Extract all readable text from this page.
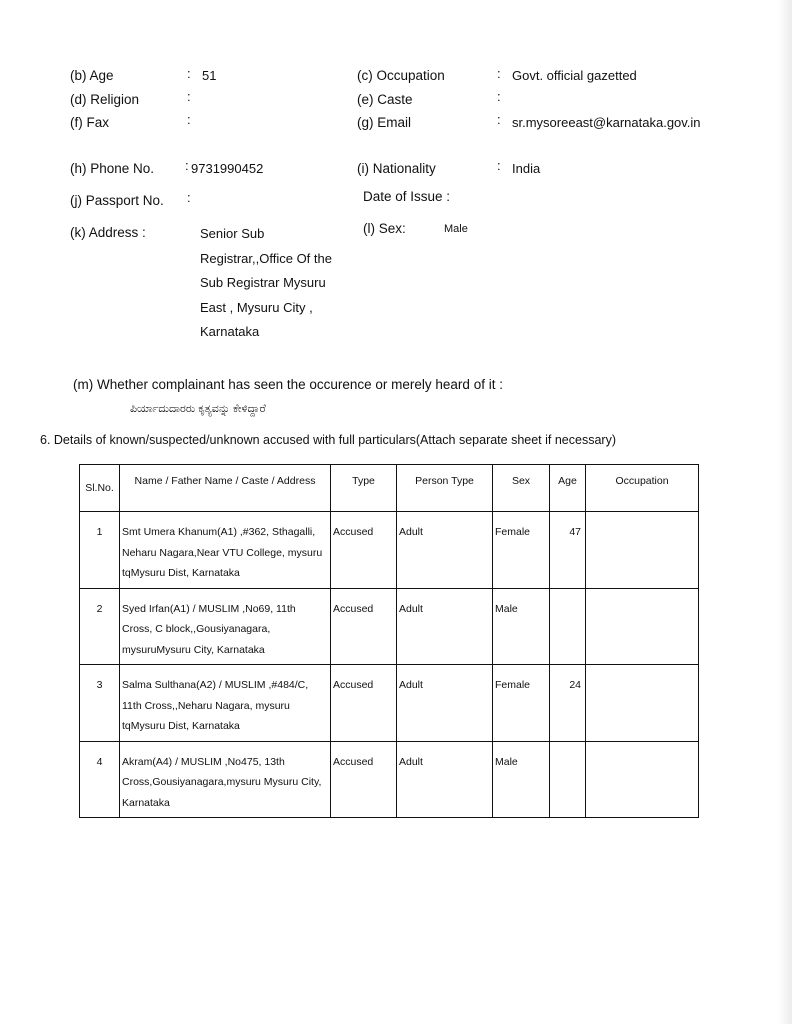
(b) Age	: 51	(c) Occupation	: Govt. official gazetted
(d) Religion	:	(e) Caste	:
(f) Fax	:	(g) Email	: sr.mysoreeast@karnataka.gov.in
(h) Phone No. : 9731990452	(i) Nationality	: India
(j) Passport No. :	Date of Issue :
(k) Address :	Senior Sub Registrar,,Office Of the Sub Registrar Mysuru East , Mysuru City , Karnataka
(l) Sex:	Male
(m) Whether complainant has seen the occurence or merely heard of it :
ಪಿರ್ಯಾದುದಾರರು ಕೃತ್ಯವನ್ನು ಕೇಳಿದ್ದಾರೆ
6. Details of known/suspected/unknown accused with full particulars(Attach separate sheet if necessary)
Sl.No.	Name / Father Name / Caste / Address	Type	Person Type	Sex	Age	Occupation
1	Smt Umera Khanum(A1) ,#362, Sthagalli, Neharu Nagara,Near VTU College, mysuru tqMysuru Dist, Karnataka	Accused	Adult	Female	47	
2	Syed Irfan(A1) / MUSLIM ,No69, 11th Cross, C block,,Gousiyanagara, mysuruMysuru City, Karnataka	Accused	Adult	Male		
3	Salma Sulthana(A2) / MUSLIM ,#484/C, 11th Cross,,Neharu Nagara, mysuru tqMysuru Dist, Karnataka	Accused	Adult	Female	24	
4	Akram(A4) / MUSLIM ,No475, 13th Cross,Gousiyanagara,mysuru Mysuru City, Karnataka	Accused	Adult	Male		
